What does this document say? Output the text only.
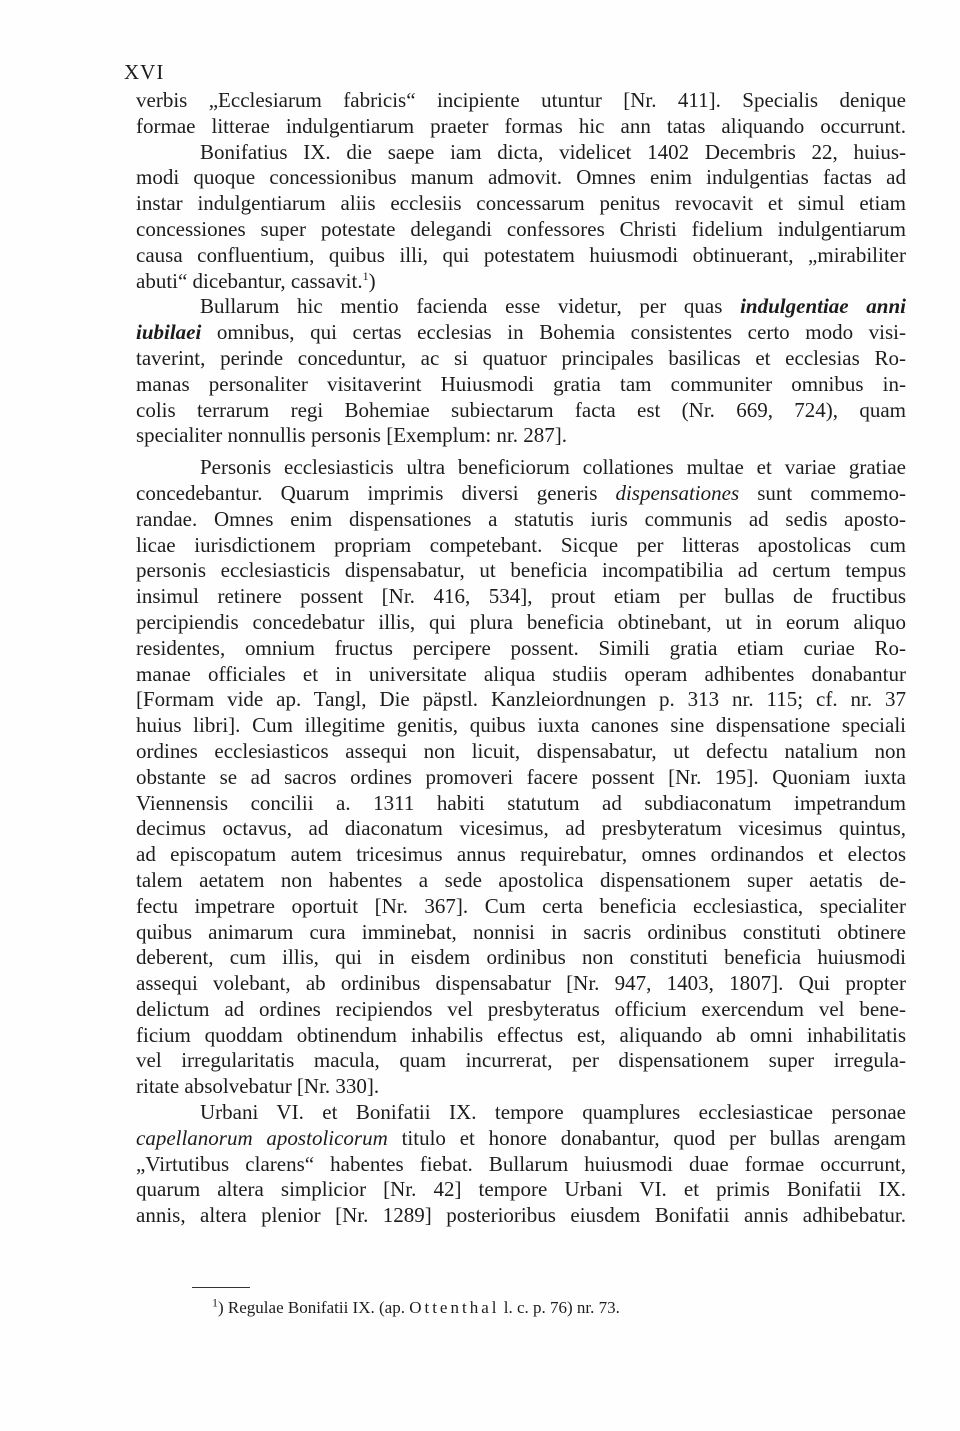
XVI
verbis „Ecclesiarum fabricis“ incipiente utuntur [Nr. 411]. Specialis denique
formae litterae indulgentiarum praeter formas hic ann tatas aliquando occurrunt.
Bonifatius IX. die saepe iam dicta, videlicet 1402 Decembris 22, huius-
modi quoque concessionibus manum admovit. Omnes enim indulgentias factas ad
instar indulgentiarum aliis ecclesiis concessarum penitus revocavit et simul etiam
concessiones super potestate delegandi confessores Christi fidelium indulgentiarum
causa confluentium, quibus illi, qui potestatem huiusmodi obtinuerant, „mirabiliter
abuti“ dicebantur, cassavit.$^1$)
Bullarum hic mentio facienda esse videtur, per quas indulgentiae anni
iubilaei omnibus, qui certas ecclesias in Bohemia consistentes certo modo visi-
taverint, perinde conceduntur, ac si quatuor principales basilicas et ecclesias Ro-
manas personaliter visitaverint Huiusmodi gratia tam communiter omnibus in-
colis terrarum regi Bohemiae subiectarum facta est (Nr. 669, 724), quam
specialiter nonnullis personis [Exemplum: nr. 287].
Personis ecclesiasticis ultra beneficiorum collationes multae et variae gratiae
concedebantur. Quarum imprimis diversi generis dispensationes sunt commemo-
randae. Omnes enim dispensationes a statutis iuris communis ad sedis aposto-
licae iurisdictionem propriam competebant. Sicque per litteras apostolicas cum
personis ecclesiasticis dispensabatur, ut beneficia incompatibilia ad certum tempus
insimul retinere possent [Nr. 416, 534], prout etiam per bullas de fructibus
percipiendis concedebatur illis, qui plura beneficia obtinebant, ut in eorum aliquo
residentes, omnium fructus percipere possent. Simili gratia etiam curiae Ro-
manae officiales et in universitate aliqua studiis operam adhibentes donabantur
[Formam vide ap. Tangl, Die päpstl. Kanzleiordnungen p. 313 nr. 115; cf. nr. 37
huius libri]. Cum illegitime genitis, quibus iuxta canones sine dispensatione speciali
ordines ecclesiasticos assequi non licuit, dispensabatur, ut defectu natalium non
obstante se ad sacros ordines promoveri facere possent [Nr. 195]. Quoniam iuxta
Viennensis concilii a. 1311 habiti statutum ad subdiaconatum impetrandum
decimus octavus, ad diaconatum vicesimus, ad presbyteratum vicesimus quintus,
ad episcopatum autem tricesimus annus requirebatur, omnes ordinandos et electos
talem aetatem non habentes a sede apostolica dispensationem super aetatis de-
fectu impetrare oportuit [Nr. 367]. Cum certa beneficia ecclesiastica, specialiter
quibus animarum cura imminebat, nonnisi in sacris ordinibus constituti obtinere
deberent, cum illis, qui in eisdem ordinibus non constituti beneficia huiusmodi
assequi volebant, ab ordinibus dispensabatur [Nr. 947, 1403, 1807]. Qui propter
delictum ad ordines recipiendos vel presbyteratus officium exercendum vel bene-
ficium quoddam obtinendum inhabilis effectus est, aliquando ab omni inhabilitatis
vel irregularitatis macula, quam incurrerat, per dispensationem super irregula-
ritate absolvebatur [Nr. 330].
Urbani VI. et Bonifatii IX. tempore quamplures ecclesiasticae personae
capellanorum apostolicorum titulo et honore donabantur, quod per bullas arengam
„Virtutibus clarens“ habentes fiebat. Bullarum huiusmodi duae formae occurrunt,
quarum altera simplicior [Nr. 42] tempore Urbani VI. et primis Bonifatii IX.
annis, altera plenior [Nr. 1289] posterioribus eiusdem Bonifatii annis adhibebatur.
$^1$) Regulae Bonifatii IX. (ap. Ottenthal l. c. p. 76) nr. 73.
